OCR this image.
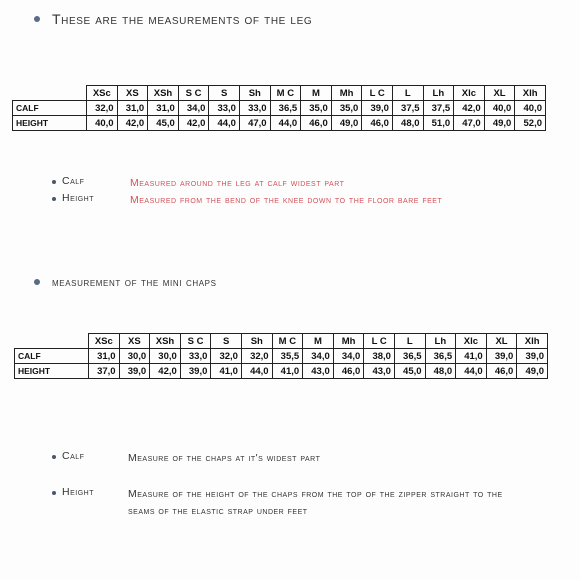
These are the measurements of the leg
	XSc	XS	XSh	S C	S	Sh	M C	M	Mh	L C	L	Lh	Xlc	XL	Xlh
CALF	32,0	31,0	31,0	34,0	33,0	33,0	36,5	35,0	35,0	39,0	37,5	37,5	42,0	40,0	40,0
HEIGHT	40,0	42,0	45,0	42,0	44,0	47,0	44,0	46,0	49,0	46,0	48,0	51,0	47,0	49,0	52,0
Calf	Measured around the leg at calf widest part
Height	Measured from the bend of the knee down to the floor bare feet
measurement of the mini chaps
	XSc	XS	XSh	S C	S	Sh	M C	M	Mh	L C	L	Lh	Xlc	XL	Xlh
CALF	31,0	30,0	30,0	33,0	32,0	32,0	35,5	34,0	34,0	38,0	36,5	36,5	41,0	39,0	39,0
HEIGHT	37,0	39,0	42,0	39,0	41,0	44,0	41,0	43,0	46,0	43,0	45,0	48,0	44,0	46,0	49,0
Calf	Measure of the chaps at it's widest part
Height	Measure of the height of the chaps from the top of the zipper straight to the seams of the elastic strap under feet
